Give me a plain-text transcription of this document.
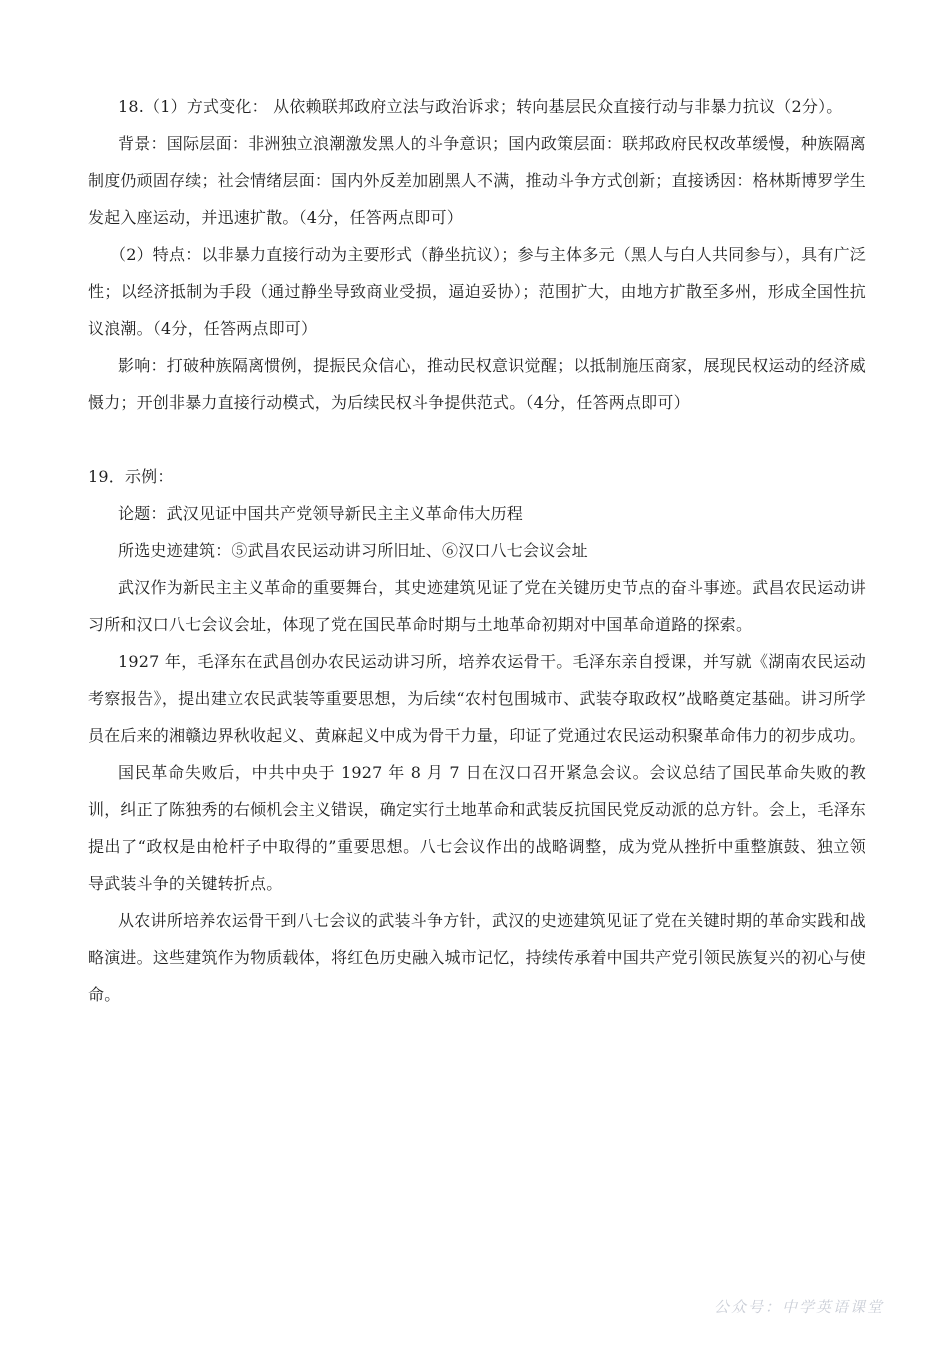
18.（1）方式变化： 从依赖联邦政府立法与政治诉求；转向基层民众直接行动与非暴力抗议（2分）。

背景：国际层面：非洲独立浪潮激发黑人的斗争意识；国内政策层面：联邦政府民权改革缓慢，种族隔离制度仍顽固存续；社会情绪层面：国内外反差加剧黑人不满，推动斗争方式创新；直接诱因：格林斯博罗学生发起入座运动，并迅速扩散。（4分，任答两点即可）

（2）特点：以非暴力直接行动为主要形式（静坐抗议）；参与主体多元（黑人与白人共同参与），具有广泛性；以经济抵制为手段（通过静坐导致商业受损，逼迫妥协）；范围扩大，由地方扩散至多州，形成全国性抗议浪潮。（4分，任答两点即可）

影响：打破种族隔离惯例，提振民众信心，推动民权意识觉醒；以抵制施压商家，展现民权运动的经济威慑力；开创非暴力直接行动模式，为后续民权斗争提供范式。（4分，任答两点即可）

19．示例：

论题：武汉见证中国共产党领导新民主主义革命伟大历程

所选史迹建筑：⑤武昌农民运动讲习所旧址、⑥汉口八七会议会址

武汉作为新民主主义革命的重要舞台，其史迹建筑见证了党在关键历史节点的奋斗事迹。武昌农民运动讲习所和汉口八七会议会址，体现了党在国民革命时期与土地革命初期对中国革命道路的探索。

1927 年，毛泽东在武昌创办农民运动讲习所，培养农运骨干。毛泽东亲自授课，并写就《湖南农民运动考察报告》，提出建立农民武装等重要思想，为后续“农村包围城市、武装夺取政权”战略奠定基础。讲习所学员在后来的湘赣边界秋收起义、黄麻起义中成为骨干力量，印证了党通过农民运动积聚革命伟力的初步成功。

国民革命失败后，中共中央于 1927 年 8 月 7 日在汉口召开紧急会议。会议总结了国民革命失败的教训，纠正了陈独秀的右倾机会主义错误，确定实行土地革命和武装反抗国民党反动派的总方针。会上，毛泽东提出了“政权是由枪杆子中取得的”重要思想。八七会议作出的战略调整，成为党从挫折中重整旗鼓、独立领导武装斗争的关键转折点。

从农讲所培养农运骨干到八七会议的武装斗争方针，武汉的史迹建筑见证了党在关键时期的革命实践和战略演进。这些建筑作为物质载体，将红色历史融入城市记忆，持续传承着中国共产党引领民族复兴的初心与使命。

公众号：中学英语课堂
